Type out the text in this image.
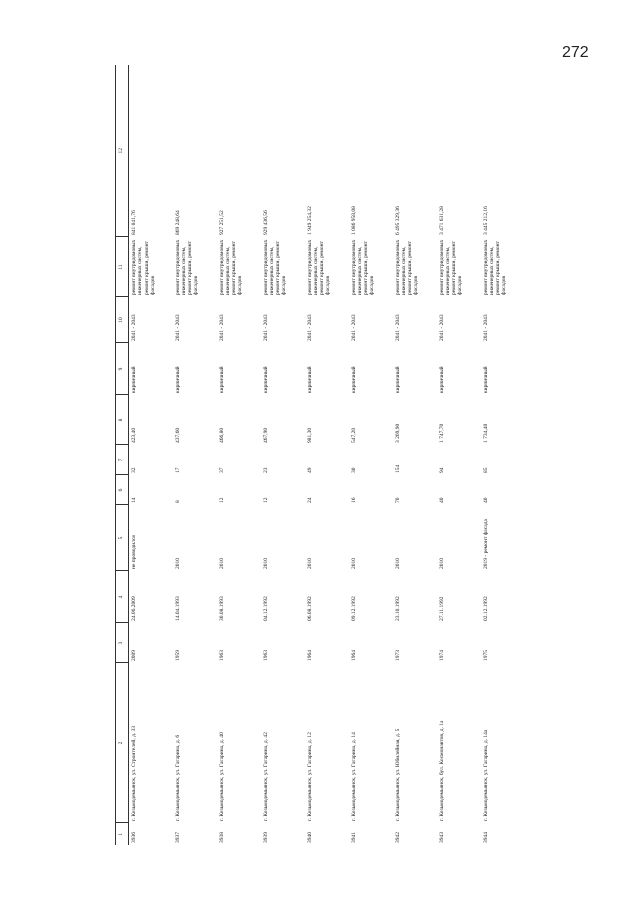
272
1	2	3	4	5	6	7	8	9	10	11	12
3936	г. Козьмодемьянск, ул. Строителей, д. 33	2009	24.06.2009	не проводился	14	32	423,40	кирпичный	2041 - 2043	ремонт внутридомовых инженерных систем, ремонт крыши, ремонт фасадов	841 041,76
3937	г. Козьмодемьянск, ул. Гагарина, д. 6	1959	14.04.1993	2010	8	17	437,60	кирпичный	2041 - 2043	ремонт внутридомовых инженерных систем, ремонт крыши, ремонт фасадов	869 248,64
3938	г. Козьмодемьянск, ул. Гагарина, д. 40	1963	30.08.1993	2010	12	37	466,80	кирпичный	2041 - 2043	ремонт внутридомовых инженерных систем, ремонт крыши, ремонт фасадов	927 251,52
3939	г. Козьмодемьянск, ул. Гагарина, д. 42	1963	04.12.1992	2010	12	23	467,90	кирпичный	2041 - 2043	ремонт внутридомовых инженерных систем, ремонт крыши, ремонт фасадов	929 436,56
3940	г. Козьмодемьянск, ул. Гагарина, д. 12	1964	06.08.1992	2010	24	49	981,30	кирпичный	2041 - 2043	ремонт внутридомовых инженерных систем, ремонт крыши, ремонт фасадов	1 949 254,32
3941	г. Козьмодемьянск, ул. Гагарина, д. 14	1964	09.12.1992	2010	16	30	547,20	кирпичный	2041 - 2043	ремонт внутридомовых инженерных систем, ремонт крыши, ремонт фасадов	1 086 958,08
3942	г. Козьмодемьянск, ул. Юбилейная, д. 5	1973	23.10.1992	2010	70	154	3 269,90	кирпичный	2041 - 2043	ремонт внутридомовых инженерных систем, ремонт крыши, ремонт фасадов	6 495 329,36
3943	г. Козьмодемьянск, бул. Космонавтов, д. 1а	1974	27.11.1992	2010	40	94	1 747,70	кирпичный	2041 - 2043	ремонт внутридомовых инженерных систем, ремонт крыши, ремонт фасадов	3 471 631,28
3944	г. Козьмодемьянск, ул. Гагарина, д. 14а	1975	02.12.1992	2019 - ремонт фасада	40	85	1 734,40	кирпичный	2041 - 2043	ремонт внутридомовых инженерных систем, ремонт крыши, ремонт фасадов	3 445 212,16
